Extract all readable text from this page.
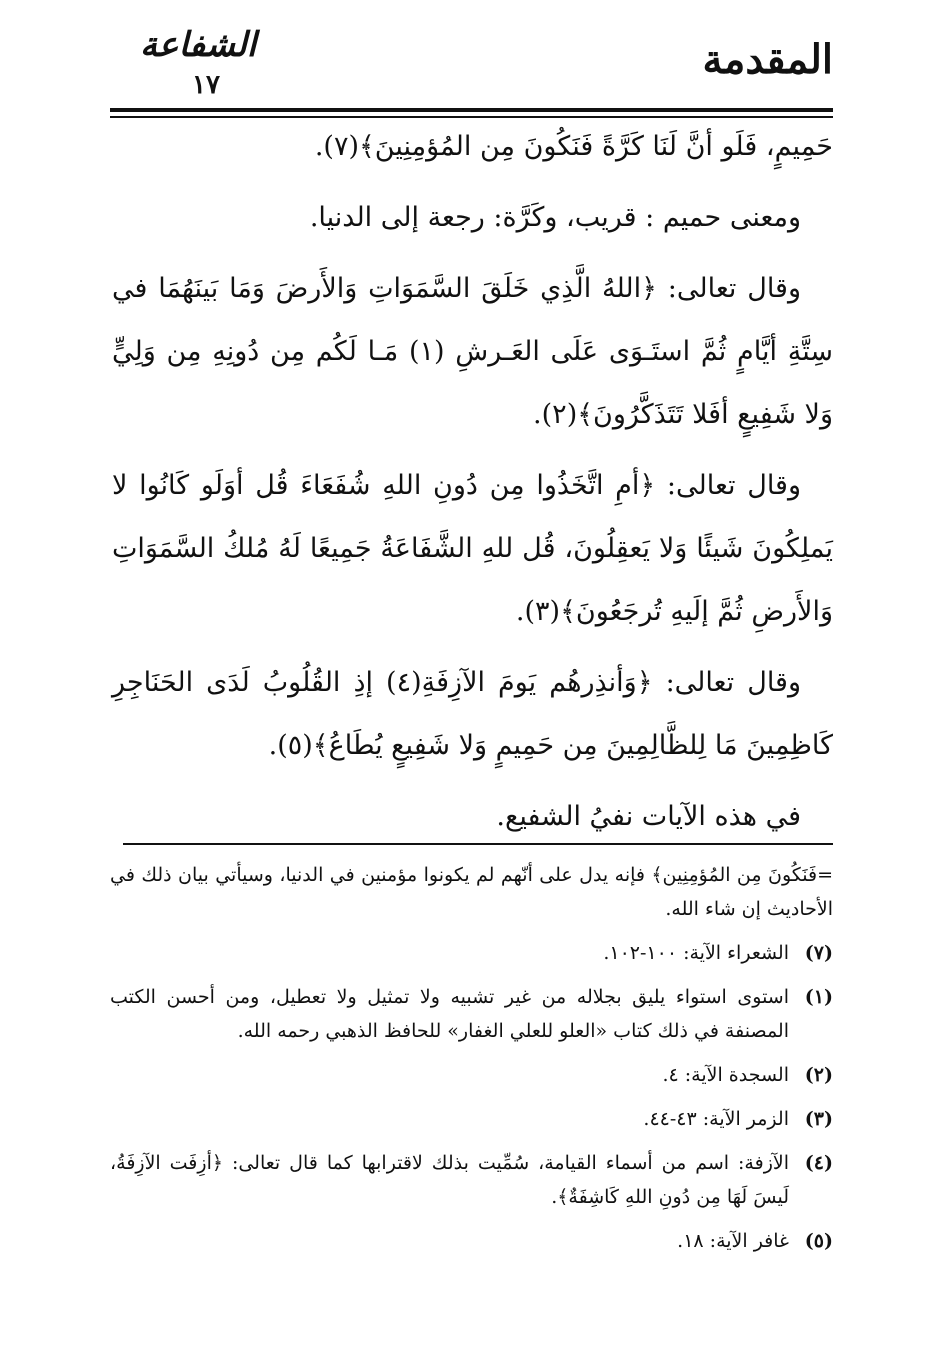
المقدمة
الشفاعة
١٧

حَمِيمٍ، فَلَو أنَّ لَنَا كَرَّةً فَنَكُونَ مِن المُؤمِنِينَ﴾(٧).

ومعنى حميم : قريب، وكَرَّة: رجعة إلى الدنيا.

وقال تعالى: ﴿اللهُ الَّذِي خَلَقَ السَّمَوَاتِ وَالأَرضَ وَمَا بَينَهُمَا في سِتَّةِ أيَّامٍ ثُمَّ استَـوَى عَلَى العَـرشِ (١) مَـا لَكُم مِن دُونِهِ مِن وَلِيٍّ وَلا شَفِيعٍ أفَلا تَتَذَكَّرُونَ﴾(٢).

وقال تعالى: ﴿أمِ اتَّخَذُوا مِن دُونِ اللهِ شُفَعَاءَ قُل أوَلَو كَانُوا لا يَملِكُونَ شَيئًا وَلا يَعقِلُونَ، قُل للهِ الشَّفَاعَةُ جَمِيعًا لَهُ مُلكُ السَّمَوَاتِ وَالأَرضِ ثُمَّ إلَيهِ تُرجَعُونَ﴾(٣).

وقال تعالى: ﴿وَأنذِرهُم يَومَ الآزِفَةِ(٤) إذِ القُلُوبُ لَدَى الحَنَاجِرِ كَاظِمِينَ مَا لِلظَّالِمِينَ مِن حَمِيمٍ وَلا شَفِيعٍ يُطَاعُ﴾(٥).

في هذه الآيات نفيُ الشفيع.

=فَنَكُونَ مِن المُؤمِنِين﴾ فإنه يدل على أنّهم لم يكونوا مؤمنين في الدنيا، وسيأتي بيان ذلك في الأحاديث إن شاء الله.
(٧)
الشعراء الآية: ١٠٠-١٠٢.
(١)
استوى استواء يليق بجلاله من غير تشبيه ولا تمثيل ولا تعطيل، ومن أحسن الكتب المصنفة في ذلك كتاب «العلو للعلي الغفار» للحافظ الذهبي رحمه الله.
(٢)
السجدة الآية: ٤.
(٣)
الزمر الآية: ٤٣-٤٤.
(٤)
الآزفة: اسم من أسماء القيامة، سُمِّيت بذلك لاقترابها كما قال تعالى: ﴿أزِفَت الآزِفَةُ، لَيسَ لَهَا مِن دُونِ اللهِ كَاشِفَةٌ﴾.
(٥)
غافر الآية: ١٨.
